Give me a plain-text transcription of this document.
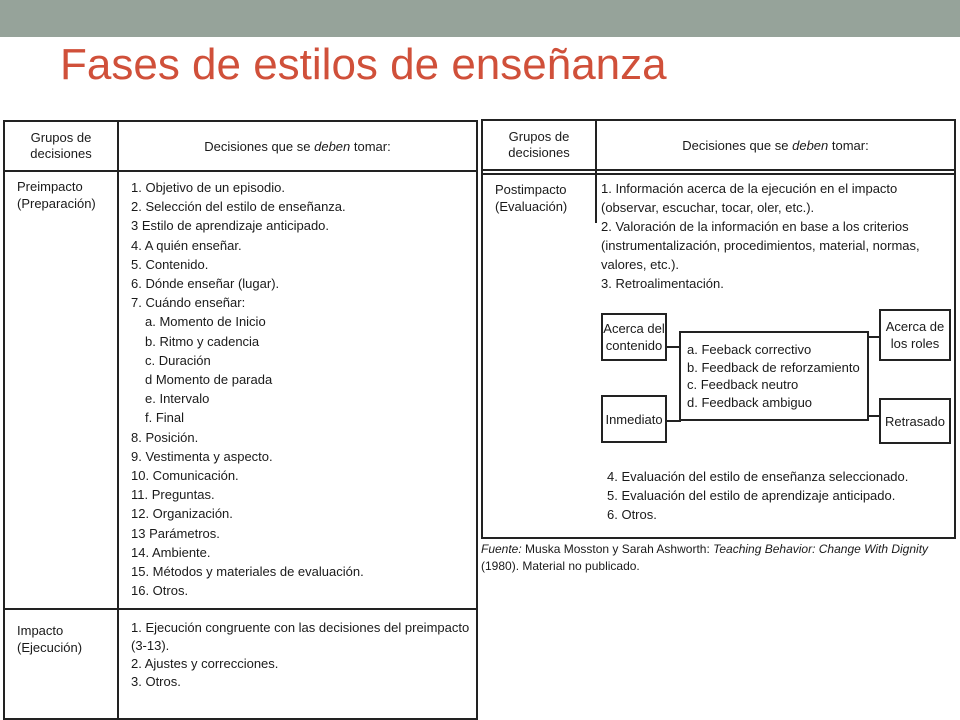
Fases de estilos de enseñanza
Grupos de decisiones	Decisiones que se
deben
tomar:
Preimpacto
(Preparación)
1. Objetivo de un episodio.
2. Selección del estilo de enseñanza.
3 Estilo de aprendizaje anticipado.
4. A quién enseñar.
5. Contenido.
6. Dónde enseñar (lugar).
7. Cuándo enseñar:
a. Momento de Inicio
b. Ritmo y cadencia
c. Duración
d Momento de parada
e. Intervalo
f. Final
8. Posición.
9. Vestimenta y aspecto.
10. Comunicación.
11. Preguntas.
12. Organización.
13 Parámetros.
14. Ambiente.
15. Métodos y materiales de evaluación.
16. Otros.
Impacto
(Ejecución)
1. Ejecución congruente con las decisiones del preimpacto (3-13).
2. Ajustes y correcciones.
3. Otros.
Grupos de decisiones	Decisiones que se
deben
tomar:
Postimpacto
(Evaluación)
1. Información acerca de la ejecución en el impacto (observar, escuchar, tocar, oler, etc.).
2. Valoración de la información en base a los criterios (instrumentalización, procedimientos, material, normas, valores, etc.).
3. Retroalimentación.
Acerca del contenido
Inmediato
a. Feeback correctivo
b. Feedback de reforzamiento
c. Feedback neutro
d. Feedback ambiguo
Acerca de los roles
Retrasado
4. Evaluación del estilo de enseñanza seleccionado.
5. Evaluación del estilo de aprendizaje anticipado.
6. Otros.
Fuente: Muska Mosston y Sarah Ashworth: Teaching Behavior: Change With Dignity (1980). Material no publicado.
